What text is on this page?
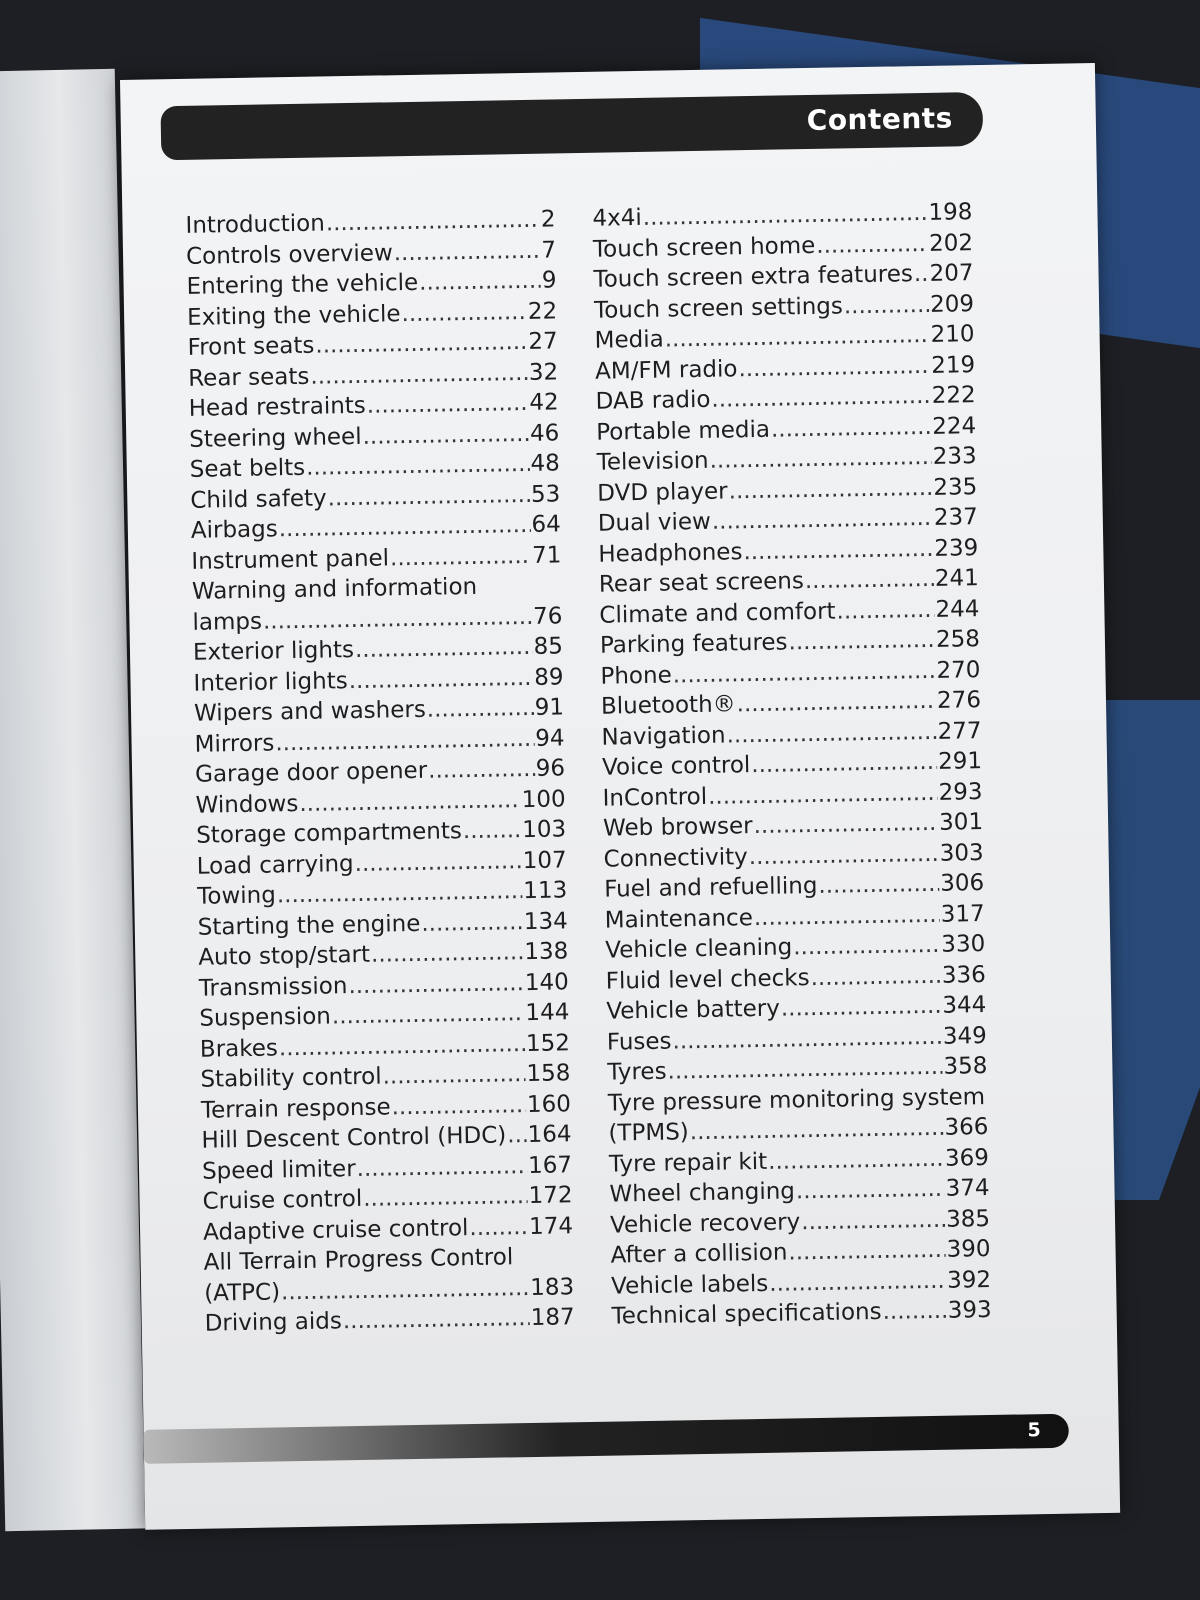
Contents
Introduction .....	2
Controls overview .....	7
Entering the vehicle .....	9
Exiting the vehicle .....	22
Front seats .....	27
Rear seats .....	32
Head restraints .....	42
Steering wheel .....	46
Seat belts .....	48
Child safety .....	53
Airbags .....	64
Instrument panel .....	71
Warning and information
lamps .....	76
Exterior lights .....	85
Interior lights .....	89
Wipers and washers .....	91
Mirrors .....	94
Garage door opener .....	96
Windows .....	100
Storage compartments .....	103
Load carrying .....	107
Towing .....	113
Starting the engine .....	134
Auto stop/start .....	138
Transmission .....	140
Suspension .....	144
Brakes .....	152
Stability control .....	158
Terrain response .....	160
Hill Descent Control (HDC) ..... 164
Speed limiter .....	167
Cruise control .....	172
Adaptive cruise control .....	174
All Terrain Progress Control
(ATPC) .....	183
Driving aids .....	187
4x4i .....	198
Touch screen home .....	202
Touch screen extra features ..... 207
Touch screen settings .....	209
Media .....	210
AM/FM radio .....	219
DAB radio .....	222
Portable media .....	224
Television .....	233
DVD player .....	235
Dual view .....	237
Headphones .....	239
Rear seat screens .....	241
Climate and comfort .....	244
Parking features .....	258
Phone .....	270
Bluetooth® .....	276
Navigation .....	277
Voice control .....	291
InControl .....	293
Web browser .....	301
Connectivity .....	303
Fuel and refuelling .....	306
Maintenance .....	317
Vehicle cleaning .....	330
Fluid level checks .....	336
Vehicle battery .....	344
Fuses .....	349
Tyres .....	358
Tyre pressure monitoring system
(TPMS) .....	366
Tyre repair kit .....	369
Wheel changing .....	374
Vehicle recovery .....	385
After a collision .....	390
Vehicle labels .....	392
Technical specifications .....	393
5
